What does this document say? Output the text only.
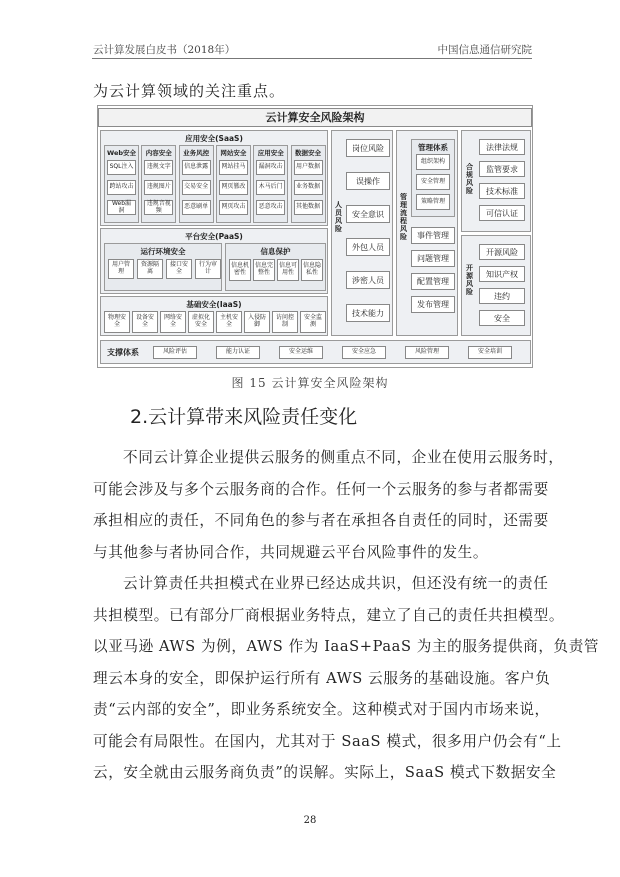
云计算发展白皮书（2018年）	中国信息通信研究院
为云计算领域的关注重点。
云计算安全风险架构
应用安全(SaaS)
Web安全
SQL注入
跨站攻击
Web漏洞
内容安全
违规文字
违规图片
违规音视频
业务风控
信息泄露
交易安全
恶意刷单
网站安全
网站挂马
网页篡改
网页攻击
应用安全
漏洞攻击
木马后门
恶意攻击
数据安全
用户数据
业务数据
其他数据
平台安全(PaaS)
运行环境安全
用户管理
资源隔离
接口安全
行为审计
信息保护
信息机密性
信息完整性
信息可用性
信息隐私性
基础安全(IaaS)
物理安全
设备安全
网络安全
虚拟化安全
主机安全
入侵防御
访问控制
安全监测
人员风险
岗位风险
误操作
安全意识
外包人员
涉密人员
技术能力
管理流程风险
管理体系
组织架构
安全管理
策略管理
事件管理
问题管理
配置管理
发布管理
合规风险
法律法规
监管要求
技术标准
可信认证
开源风险
开源风险
知识产权
违约
安全
支撑体系	风险评估	能力认证	安全运维	安全应急	风险管理	安全培训
图 15 云计算安全风险架构
2.云计算带来风险责任变化
不同云计算企业提供云服务的侧重点不同，企业在使用云服务时，
可能会涉及与多个云服务商的合作。任何一个云服务的参与者都需要
承担相应的责任，不同角色的参与者在承担各自责任的同时，还需要
与其他参与者协同合作，共同规避云平台风险事件的发生。
云计算责任共担模式在业界已经达成共识，但还没有统一的责任
共担模型。已有部分厂商根据业务特点，建立了自己的责任共担模型。
以亚马逊 AWS 为例，AWS 作为 IaaS+PaaS 为主的服务提供商，负责管
理云本身的安全，即保护运行所有 AWS 云服务的基础设施。客户负
责“云内部的安全”，即业务系统安全。这种模式对于国内市场来说，
可能会有局限性。在国内，尤其对于 SaaS 模式，很多用户仍会有“上
云，安全就由云服务商负责”的误解。实际上，SaaS 模式下数据安全
28
